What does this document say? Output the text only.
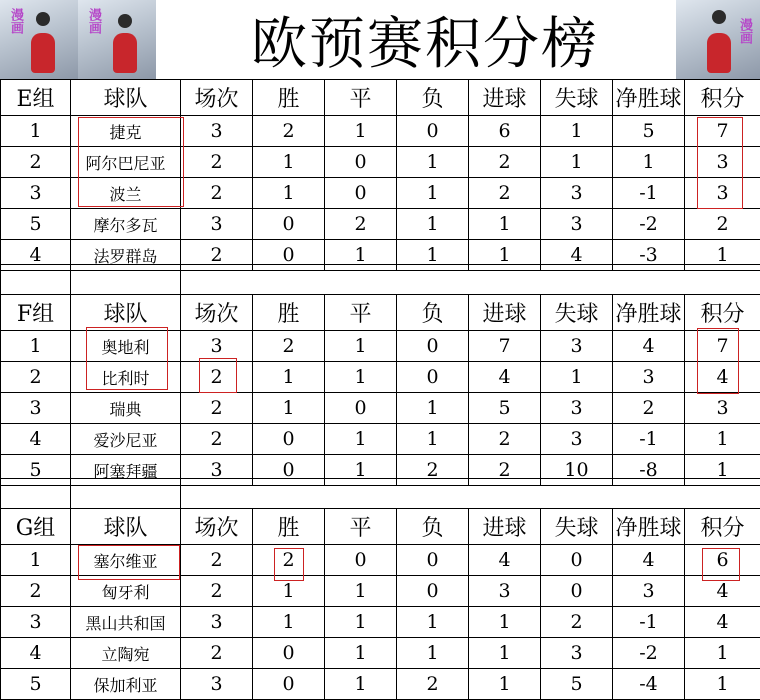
漫画	漫画	欧预赛积分榜	漫画
E组	球队	场次	胜	平	负	进球	失球	净胜球	积分
1	捷克	3	2	1	0	6	1	5	7
2	阿尔巴尼亚	2	1	0	1	2	1	1	3
3	波兰	2	1	0	1	2	3	-1	3
5	摩尔多瓦	3	0	2	1	1	3	-2	2
4	法罗群岛	2	0	1	1	1	4	-3	1
F组	球队	场次	胜	平	负	进球	失球	净胜球	积分
1	奥地利	3	2	1	0	7	3	4	7
2	比利时	2	1	1	0	4	1	3	4
3	瑞典	2	1	0	1	5	3	2	3
4	爱沙尼亚	2	0	1	1	2	3	-1	1
5	阿塞拜疆	3	0	1	2	2	10	-8	1
G组	球队	场次	胜	平	负	进球	失球	净胜球	积分
1	塞尔维亚	2	2	0	0	4	0	4	6
2	匈牙利	2	1	1	0	3	0	3	4
3	黑山共和国	3	1	1	1	1	2	-1	4
4	立陶宛	2	0	1	1	1	3	-2	1
5	保加利亚	3	0	1	2	1	5	-4	1
